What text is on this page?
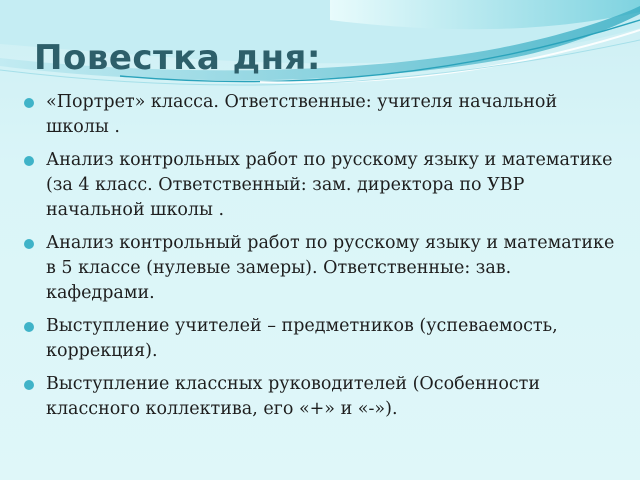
Повестка дня:
«Портрет» класса. Ответственные: учителя начальной школы .
Анализ контрольных работ по русскому языку и математике (за 4 класс. Ответственный: зам. директора по УВР начальной школы .
Анализ контрольный работ по русскому языку и математике в 5 классе (нулевые замеры). Ответственные: зав. кафедрами.
Выступление учителей – предметников (успеваемость, коррекция).
Выступление классных руководителей (Особенности классного коллектива, его «+» и «-»).
